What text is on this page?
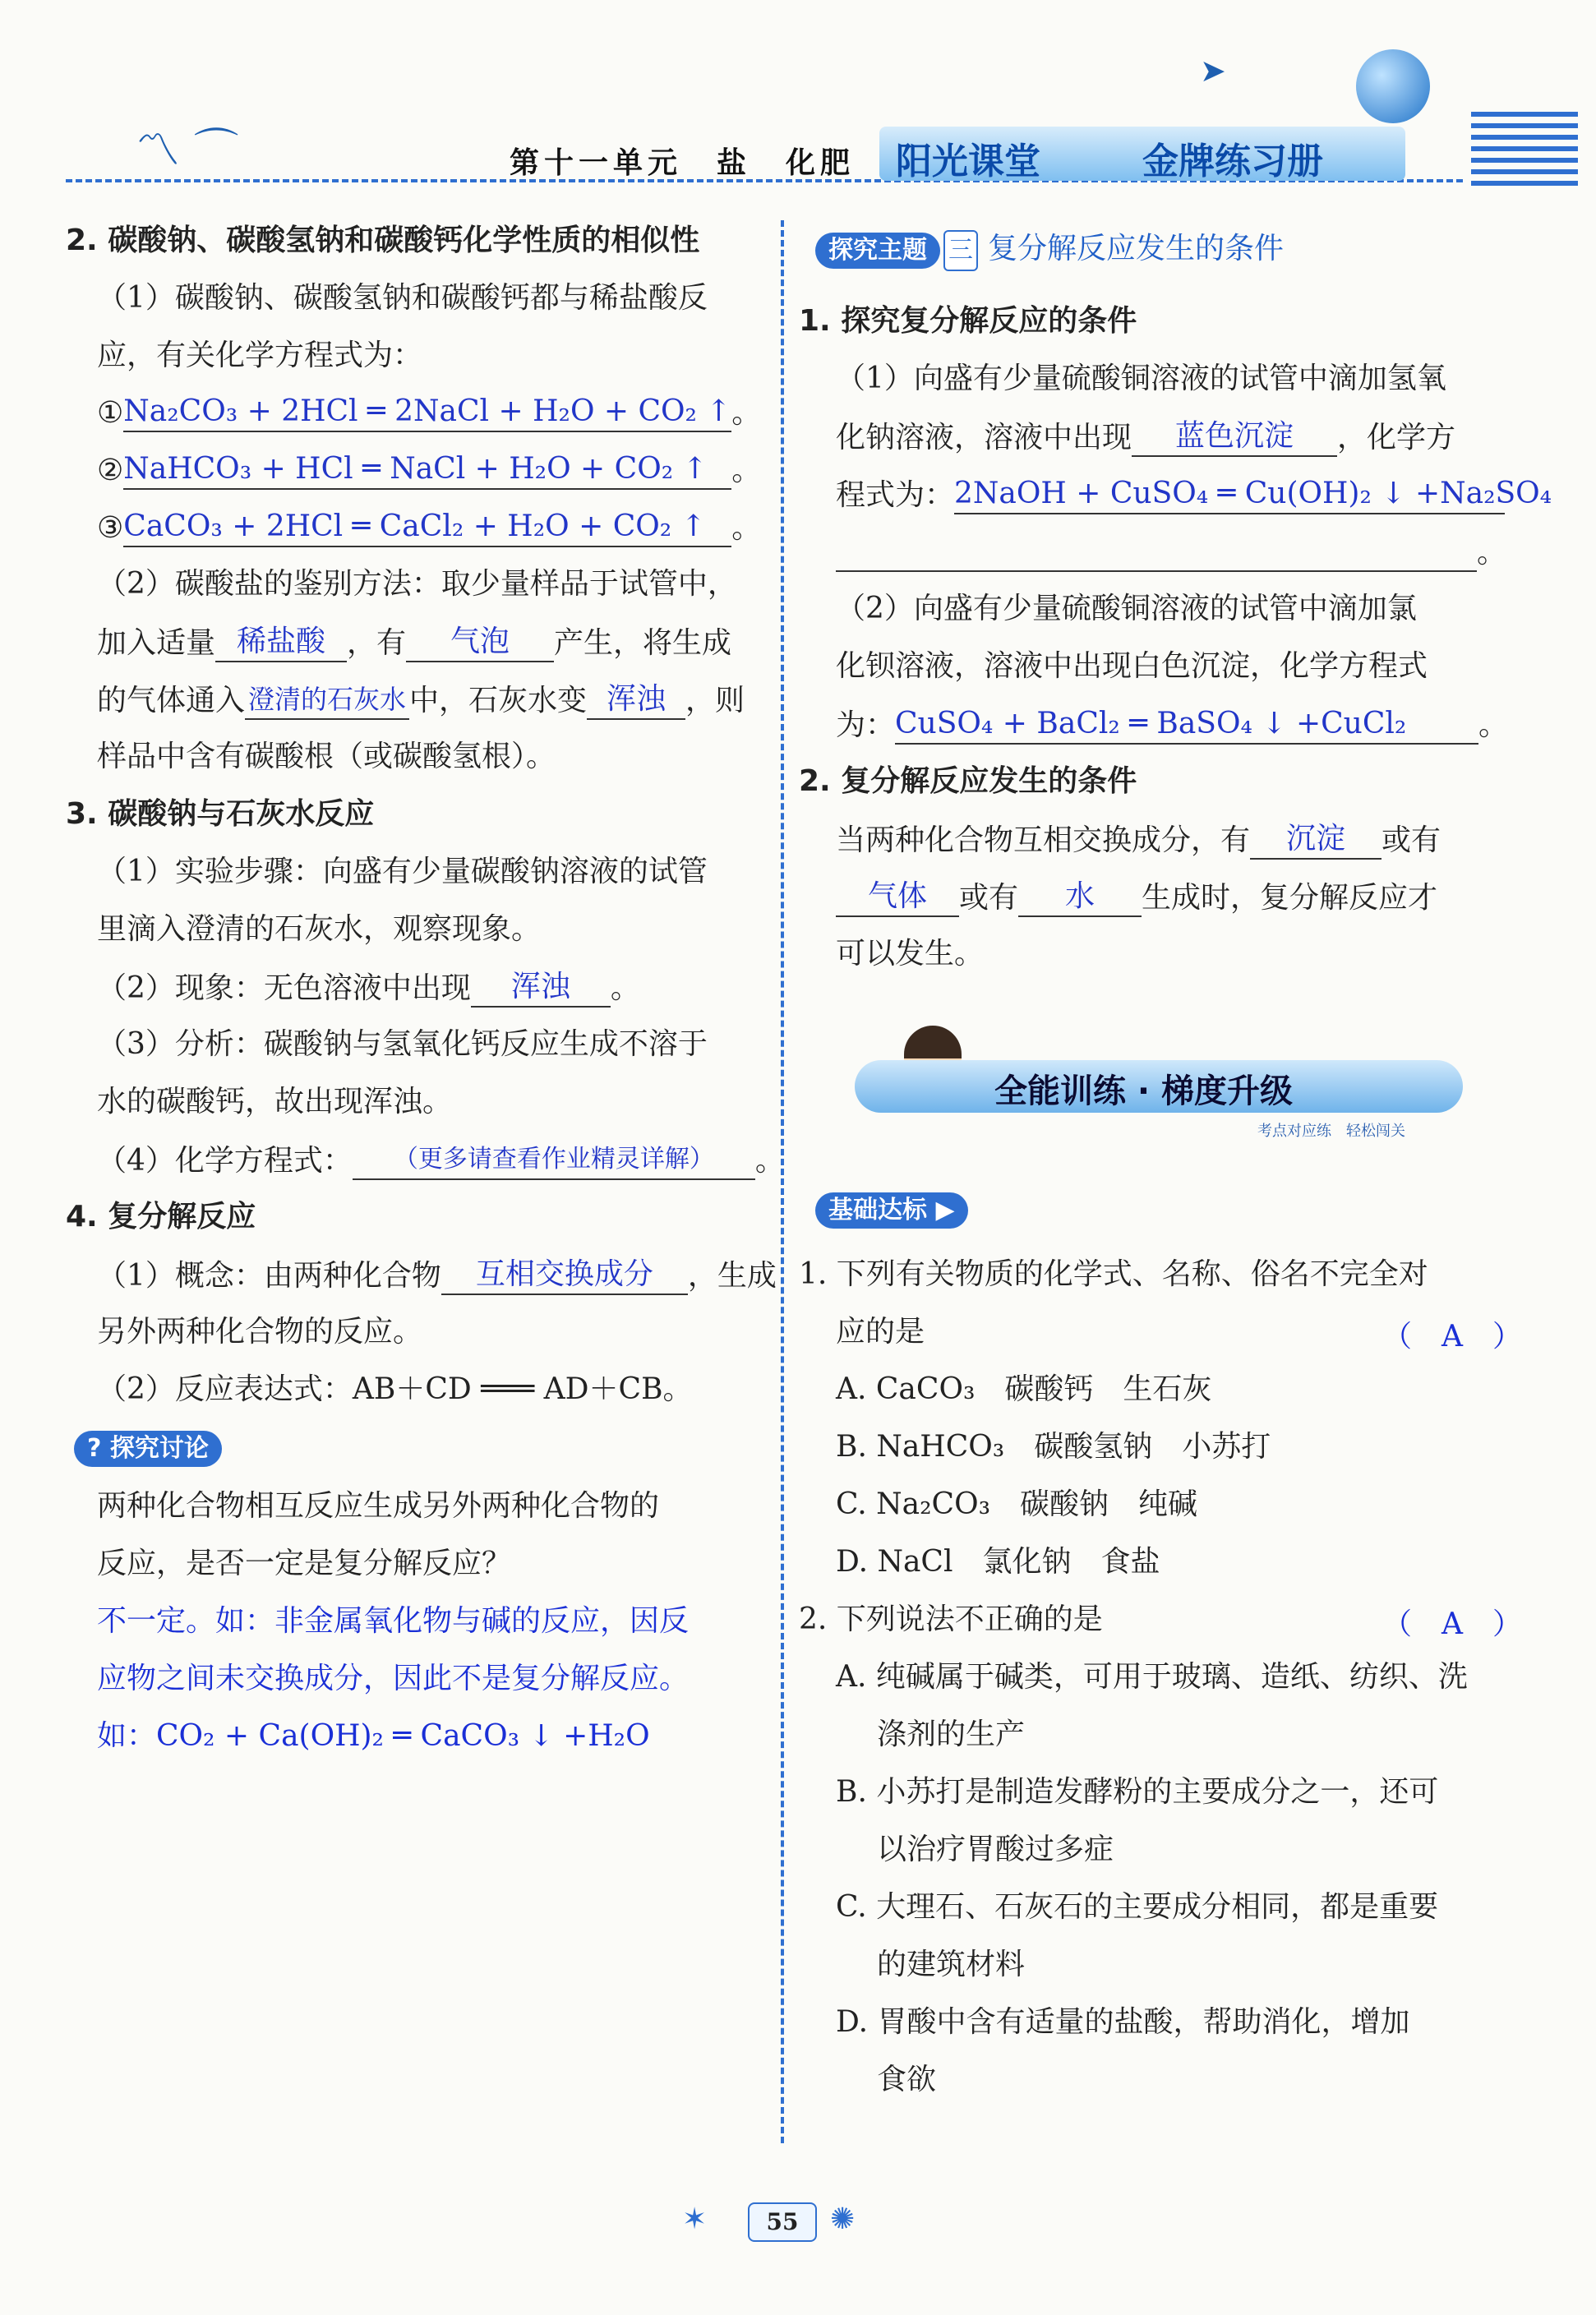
第十一单元　盐　化肥 阳光课堂	金牌练习册
〽 ⌒
➤
2. 碳酸钠、碳酸氢钠和碳酸钙化学性质的相似性
（1）碳酸钠、碳酸氢钠和碳酸钙都与稀盐酸反
应，有关化学方程式为：
①Na₂CO₃ + 2HCl ═ 2NaCl + H₂O + CO₂ ↑。
②NaHCO₃ + HCl ═ NaCl + H₂O + CO₂ ↑ 。
③CaCO₃ + 2HCl ═ CaCl₂ + H₂O + CO₂ ↑ 。
（2）碳酸盐的鉴别方法：取少量样品于试管中，
加入适量 稀盐酸 ，有 气泡 产生，将生成
的气体通入 澄清的石灰水 中，石灰水变 浑浊 ，则
样品中含有碳酸根（或碳酸氢根）。
3. 碳酸钠与石灰水反应
（1）实验步骤：向盛有少量碳酸钠溶液的试管
里滴入澄清的石灰水，观察现象。
（2）现象：无色溶液中出现 浑浊 。
（3）分析：碳酸钠与氢氧化钙反应生成不溶于
水的碳酸钙，故出现浑浊。
（4）化学方程式： （更多请查看作业精灵详解） 。
4. 复分解反应
（1）概念：由两种化合物 互相交换成分 ，生成
另外两种化合物的反应。
（2）反应表达式：AB＋CD ═══ AD＋CB。
? 探究讨论
两种化合物相互反应生成另外两种化合物的
反应，是否一定是复分解反应？
不一定。如：非金属氧化物与碱的反应，因反
应物之间未交换成分，因此不是复分解反应。
如：CO₂ + Ca(OH)₂ ═ CaCO₃ ↓ +H₂O
探究主题 三 复分解反应发生的条件
1. 探究复分解反应的条件
（1）向盛有少量硫酸铜溶液的试管中滴加氢氧
化钠溶液，溶液中出现 蓝色沉淀 ，化学方
程式为：2NaOH + CuSO₄ ═ Cu(OH)₂ ↓ +Na₂SO₄
。
（2）向盛有少量硫酸铜溶液的试管中滴加氯
化钡溶液，溶液中出现白色沉淀，化学方程式
为：CuSO₄ + BaCl₂ ═ BaSO₄ ↓ +CuCl₂ 。
2. 复分解反应发生的条件
当两种化合物互相交换成分，有 沉淀 或有
气体 或有 水 生成时，复分解反应才
可以发生。
基础达标 ▶
1. 下列有关物质的化学式、名称、俗名不完全对
应的是	（　A　）
A. CaCO₃　碳酸钙　生石灰
B. NaHCO₃　碳酸氢钠　小苏打
C. Na₂CO₃　碳酸钠　纯碱
D. NaCl　氯化钠　食盐
2. 下列说法不正确的是	（　A　）
A. 纯碱属于碱类，可用于玻璃、造纸、纺织、洗
涤剂的生产
B. 小苏打是制造发酵粉的主要成分之一，还可
以治疗胃酸过多症
C. 大理石、石灰石的主要成分相同，都是重要
的建筑材料
D. 胃酸中含有适量的盐酸，帮助消化，增加
食欲
全能训练 · 梯度升级
考点对应练　轻松闯关
✶	55	✺
